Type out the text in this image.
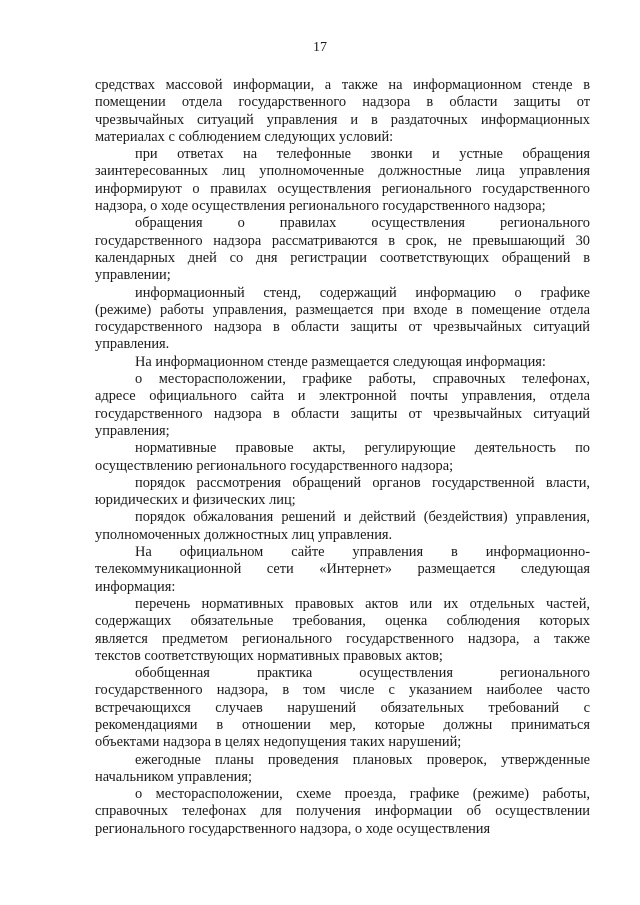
17
средствах массовой информации, а также на информационном стенде в
помещении отдела государственного надзора в области защиты от
чрезвычайных ситуаций управления и в раздаточных информационных
материалах с соблюдением следующих условий:
при ответах на телефонные звонки и устные обращения
заинтересованных лиц уполномоченные должностные лица управления
информируют о правилах осуществления регионального государственного
надзора, о ходе осуществления регионального государственного надзора;
обращения о правилах осуществления регионального
государственного надзора рассматриваются в срок, не превышающий 30
календарных дней со дня регистрации соответствующих обращений в
управлении;
информационный стенд, содержащий информацию о графике
(режиме) работы управления, размещается при входе в помещение отдела
государственного надзора в области защиты от чрезвычайных ситуаций
управления.
На информационном стенде размещается следующая информация:
о месторасположении, графике работы, справочных телефонах,
адресе официального сайта и электронной почты управления, отдела
государственного надзора в области защиты от чрезвычайных ситуаций
управления;
нормативные правовые акты, регулирующие деятельность по
осуществлению регионального государственного надзора;
порядок рассмотрения обращений органов государственной власти,
юридических и физических лиц;
порядок обжалования решений и действий (бездействия) управления,
уполномоченных должностных лиц управления.
На официальном сайте управления в информационно-
телекоммуникационной сети «Интернет» размещается следующая
информация:
перечень нормативных правовых актов или их отдельных частей,
содержащих обязательные требования, оценка соблюдения которых
является предметом регионального государственного надзора, а также
текстов соответствующих нормативных правовых актов;
обобщенная практика осуществления регионального
государственного надзора, в том числе с указанием наиболее часто
встречающихся случаев нарушений обязательных требований с
рекомендациями в отношении мер, которые должны приниматься
объектами надзора в целях недопущения таких нарушений;
ежегодные планы проведения плановых проверок, утвержденные
начальником управления;
о месторасположении, схеме проезда, графике (режиме) работы,
справочных телефонах для получения информации об осуществлении
регионального государственного надзора, о ходе осуществления
